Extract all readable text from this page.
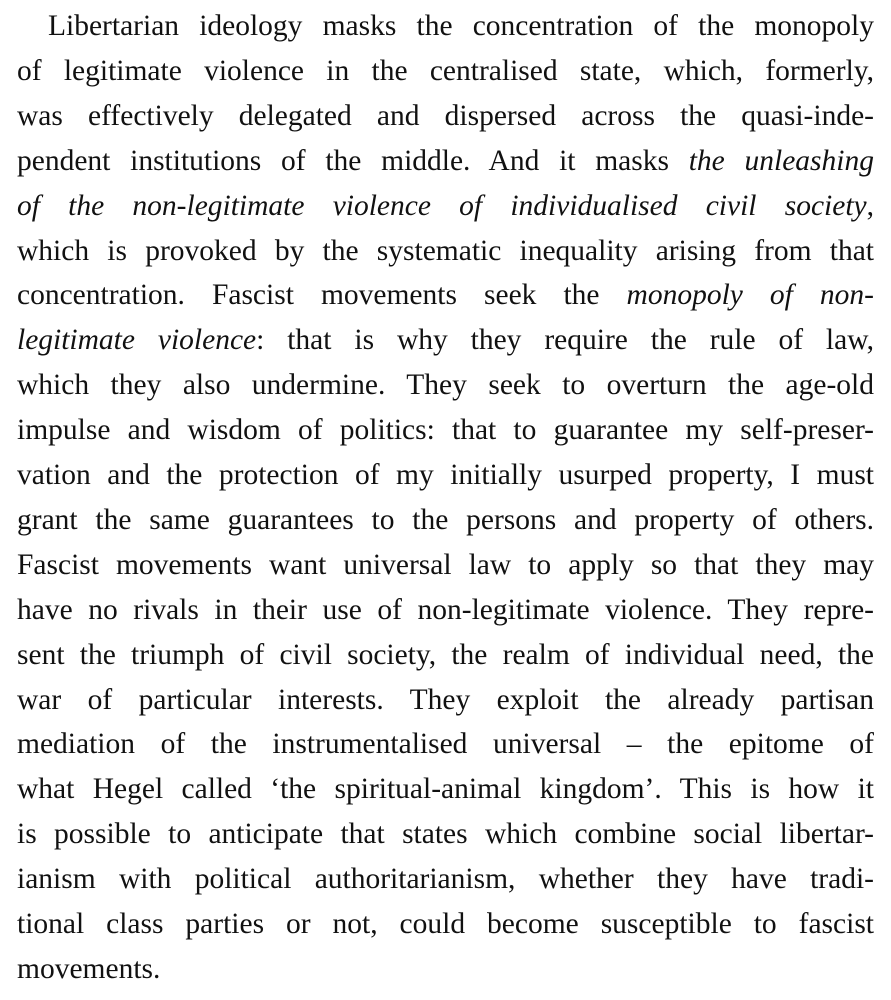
Libertarian ideology masks the concentration of the monopoly
of legitimate violence in the centralised state, which, formerly,
was effectively delegated and dispersed across the quasi-inde-
pendent institutions of the middle. And it masks the unleashing
of the non-legitimate violence of individualised civil society,
which is provoked by the systematic inequality arising from that
concentration. Fascist movements seek the monopoly of non-
legitimate violence: that is why they require the rule of law,
which they also undermine. They seek to overturn the age-old
impulse and wisdom of politics: that to guarantee my self-preser-
vation and the protection of my initially usurped property, I must
grant the same guarantees to the persons and property of others.
Fascist movements want universal law to apply so that they may
have no rivals in their use of non-legitimate violence. They repre-
sent the triumph of civil society, the realm of individual need, the
war of particular interests. They exploit the already partisan
mediation of the instrumentalised universal – the epitome of
what Hegel called ‘the spiritual-animal kingdom’. This is how it
is possible to anticipate that states which combine social libertar-
ianism with political authoritarianism, whether they have tradi-
tional class parties or not, could become susceptible to fascist
movements.
